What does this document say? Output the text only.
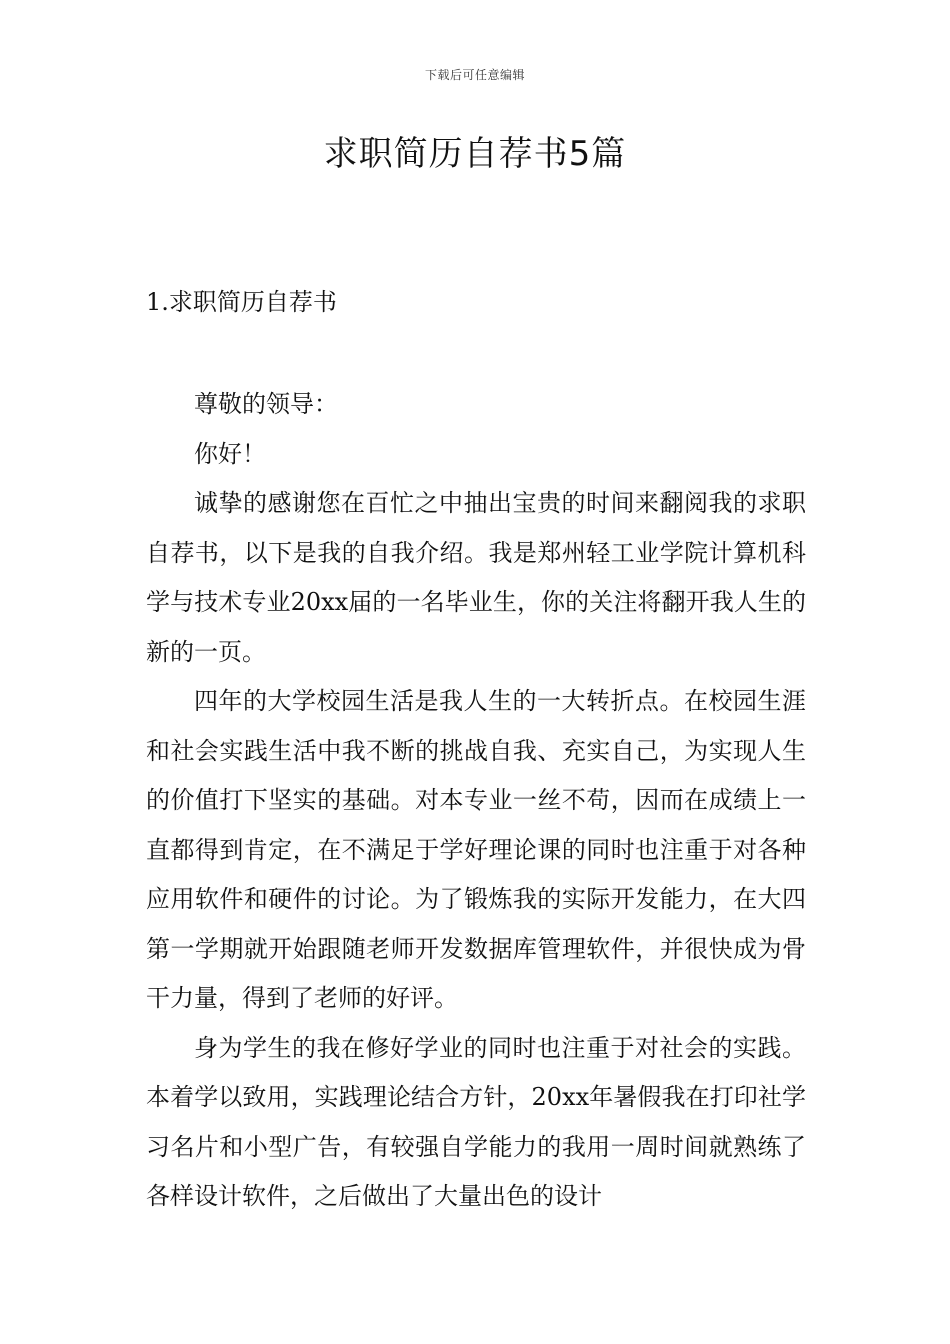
下载后可任意编辑
求职简历自荐书5篇
1.求职简历自荐书

尊敬的领导：

你好！

诚挚的感谢您在百忙之中抽出宝贵的时间来翻阅我的求职自荐书，以下是我的自我介绍。我是郑州轻工业学院计算机科学与技术专业20xx届的一名毕业生，你的关注将翻开我人生的新的一页。

四年的大学校园生活是我人生的一大转折点。在校园生涯和社会实践生活中我不断的挑战自我、充实自己，为实现人生的价值打下坚实的基础。对本专业一丝不苟，因而在成绩上一直都得到肯定，在不满足于学好理论课的同时也注重于对各种应用软件和硬件的讨论。为了锻炼我的实际开发能力，在大四第一学期就开始跟随老师开发数据库管理软件，并很快成为骨干力量，得到了老师的好评。

身为学生的我在修好学业的同时也注重于对社会的实践。本着学以致用，实践理论结合方针，20xx年暑假我在打印社学习名片和小型广告，有较强自学能力的我用一周时间就熟练了各样设计软件，之后做出了大量出色的设计
